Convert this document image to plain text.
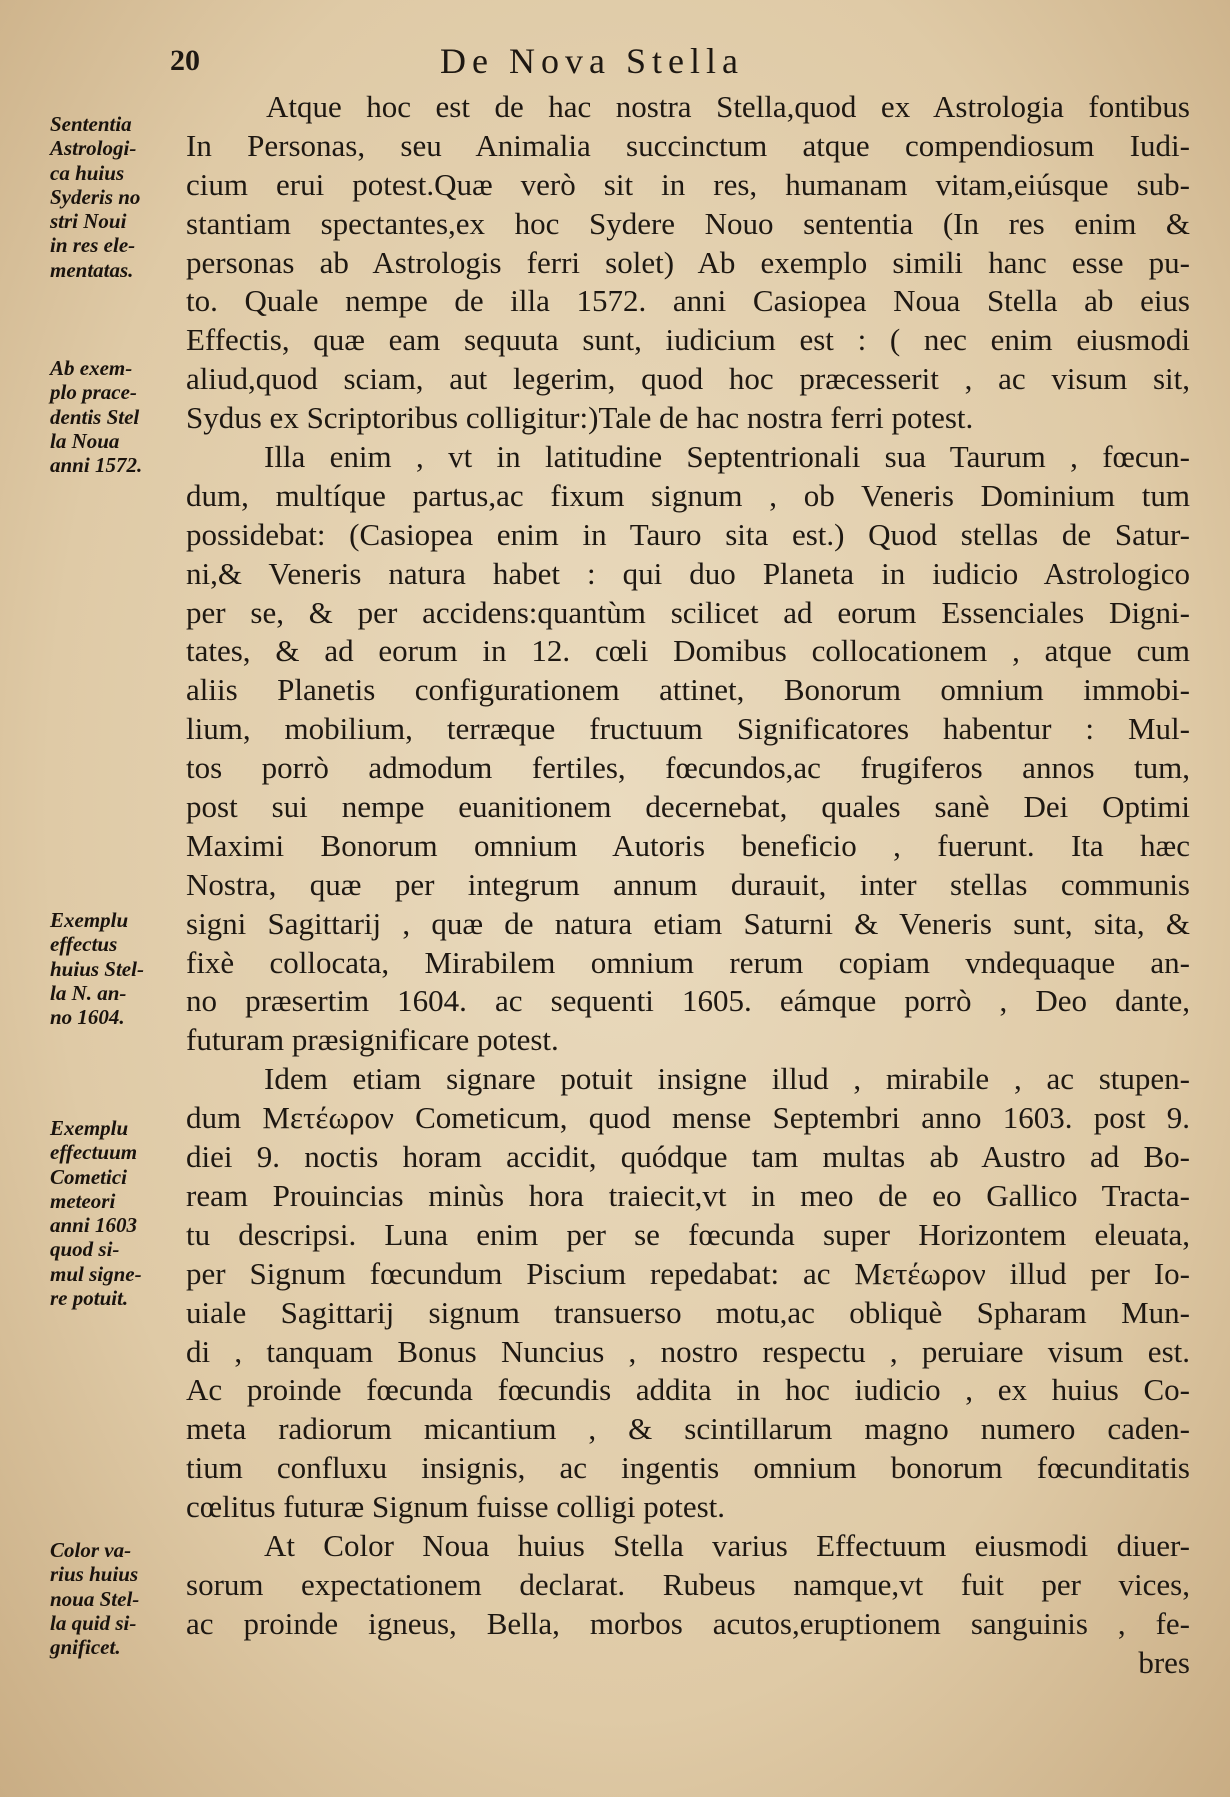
20	De Nova Stella
Sententia
Astrologi-
ca huius
Syderis no
stri Noui
in res ele-
mentatas.
Ab exem-
plo prace-
dentis Stel
la Noua
anni 1572.
Exemplu
effectus
huius Stel-
la N. an-
no 1604.
Exemplu
effectuum
Cometici
meteori
anni 1603
quod si-
mul signe-
re potuit.
Color va-
rius huius
noua Stel-
la quid si-
gnificet.
Atque hoc est de hac nostra Stella,quod ex Astrologia fontibus
In Personas, seu Animalia succinctum atque compendiosum Iudi-
cium erui potest.Quæ verò sit in res, humanam vitam,eiúsque sub-
stantiam spectantes,ex hoc Sydere Nouo sententia (In res enim &
personas ab Astrologis ferri solet) Ab exemplo simili hanc esse pu-
to. Quale nempe de illa 1572. anni Casiopea Noua Stella ab eius
Effectis, quæ eam sequuta sunt, iudicium est : ( nec enim eiusmodi
aliud,quod sciam, aut legerim, quod hoc præcesserit , ac visum sit,
Sydus ex Scriptoribus colligitur:)Tale de hac nostra ferri potest.
Illa enim , vt in latitudine Septentrionali sua Taurum , fœcun-
dum, multíque partus,ac fixum signum , ob Veneris Dominium tum
possidebat: (Casiopea enim in Tauro sita est.) Quod stellas de Satur-
ni,& Veneris natura habet : qui duo Planeta in iudicio Astrologico
per se, & per accidens:quantùm scilicet ad eorum Essenciales Digni-
tates, & ad eorum in 12. cœli Domibus collocationem , atque cum
aliis Planetis configurationem attinet, Bonorum omnium immobi-
lium, mobilium, terræque fructuum Significatores habentur : Mul-
tos porrò admodum fertiles, fœcundos,ac frugiferos annos tum,
post sui nempe euanitionem decernebat, quales sanè Dei Optimi
Maximi Bonorum omnium Autoris beneficio , fuerunt. Ita hæc
Nostra, quæ per integrum annum durauit, inter stellas communis
signi Sagittarij , quæ de natura etiam Saturni & Veneris sunt, sita, &
fixè collocata, Mirabilem omnium rerum copiam vndequaque an-
no præsertim 1604. ac sequenti 1605. eámque porrò , Deo dante,
futuram præsignificare potest.
Idem etiam signare potuit insigne illud , mirabile , ac stupen-
dum Μετέωρον Cometicum, quod mense Septembri anno 1603. post 9.
diei 9. noctis horam accidit, quódque tam multas ab Austro ad Bo-
ream Prouincias minùs hora traiecit,vt in meo de eo Gallico Tracta-
tu descripsi. Luna enim per se fœcunda super Horizontem eleuata,
per Signum fœcundum Piscium repedabat: ac Μετέωρον illud per Io-
uiale Sagittarij signum transuerso motu,ac obliquè Spharam Mun-
di , tanquam Bonus Nuncius , nostro respectu , peruiare visum est.
Ac proinde fœcunda fœcundis addita in hoc iudicio , ex huius Co-
meta radiorum micantium , & scintillarum magno numero caden-
tium confluxu insignis, ac ingentis omnium bonorum fœcunditatis
cœlitus futuræ Signum fuisse colligi potest.
At Color Noua huius Stella varius Effectuum eiusmodi diuer-
sorum expectationem declarat. Rubeus namque,vt fuit per vices,
ac proinde igneus, Bella, morbos acutos,eruptionem sanguinis , fe-
bres
